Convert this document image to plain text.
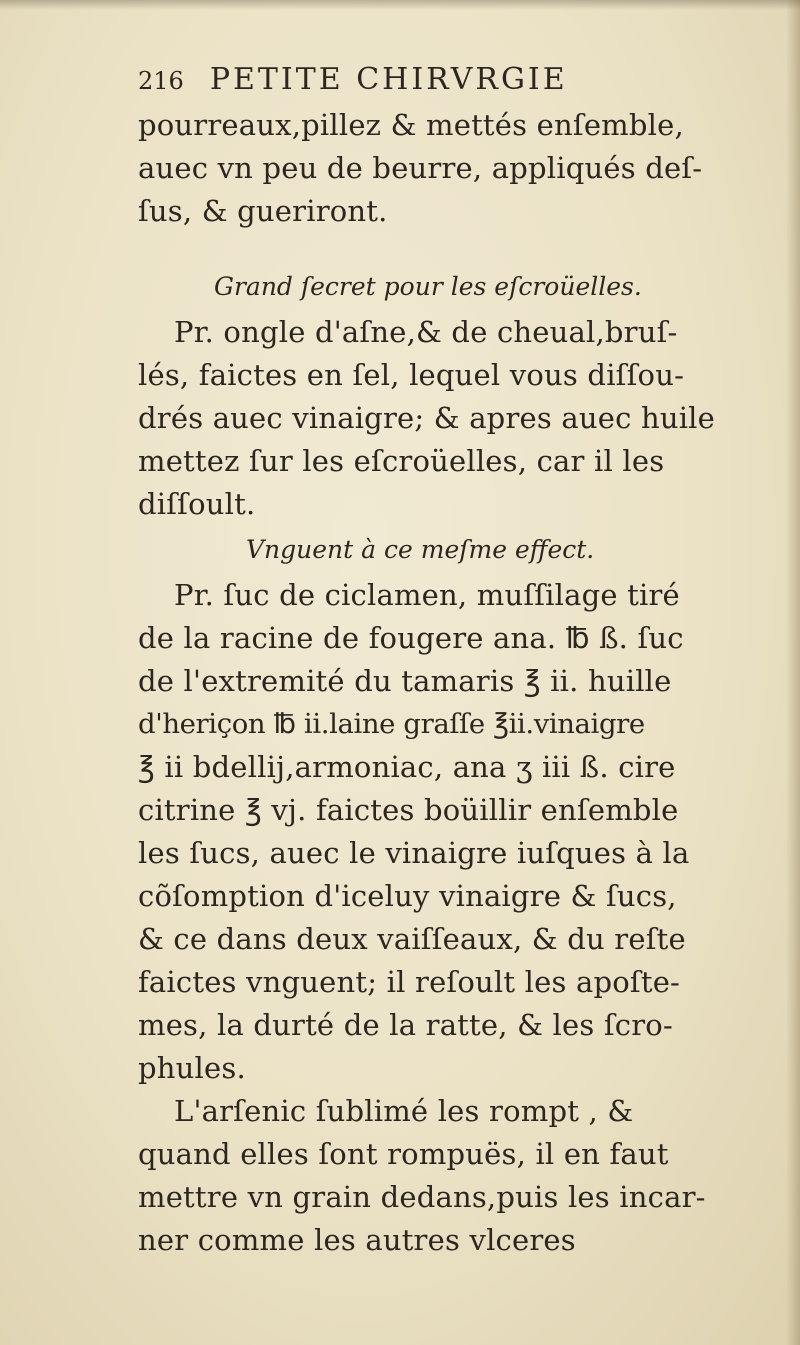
216 PETITE CHIRVRGIE
pourreaux,pillez & mettés enſemble,
auec vn peu de beurre, appliqués deſ-
ſus, & gueriront.
Grand ſecret pour les eſcroüelles.
Pr. ongle d'aſne,& de cheual,bruſ-
lés, faictes en ſel, lequel vous diſſou-
drés auec vinaigre; & apres auec huile
mettez ſur les eſcroüelles, car il les
diſſoult.
Vnguent à ce meſme effect.
Pr. ſuc de ciclamen, muſſilage tiré
de la racine de fougere ana. ℔ ß. ſuc
de l'extremité du tamaris ℥ ii. huille
d'heriçon ℔ ii.laine graſſe ℥ii.vinaigre
℥ ii bdellij,armoniac, ana ʒ iii ß. cire
citrine ℥ vj. faictes boüillir enſemble
les ſucs, auec le vinaigre iuſques à la
cõſomption d'iceluy vinaigre & ſucs,
& ce dans deux vaiſſeaux, & du reſte
faictes vnguent; il reſoult les apoſte-
mes, la durté de la ratte, & les ſcro-
phules.
L'arſenic ſublimé les rompt , &
quand elles ſont rompuës, il en faut
mettre vn grain dedans,puis les incar-
ner comme les autres vlceres
